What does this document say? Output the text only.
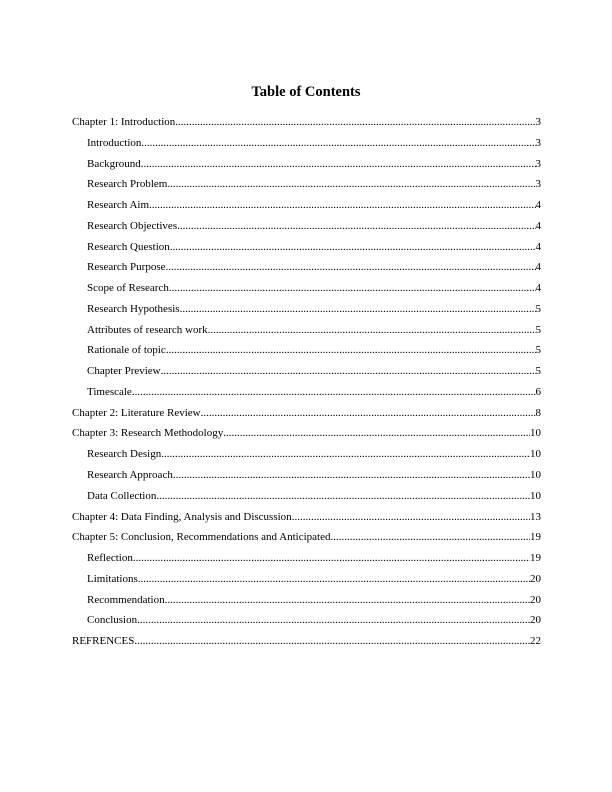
Table of Contents
Chapter 1: Introduction .....	3
Introduction .....	3
Background .....	3
Research Problem .....	3
Research Aim .....	4
Research Objectives .....	4
Research Question .....	4
Research Purpose .....	4
Scope of Research .....	4
Research Hypothesis .....	5
Attributes of research work .....	5
Rationale of topic .....	5
Chapter Preview .....	5
Timescale .....	6
Chapter 2: Literature Review .....	8
Chapter 3: Research Methodology .....	10
Research Design .....	10
Research Approach .....	10
Data Collection .....	10
Chapter 4: Data Finding, Analysis and Discussion .....	13
Chapter 5: Conclusion, Recommendations and Anticipated .....	19
Reflection .....	19
Limitations .....	20
Recommendation .....	20
Conclusion .....	20
REFRENCES .....	22
